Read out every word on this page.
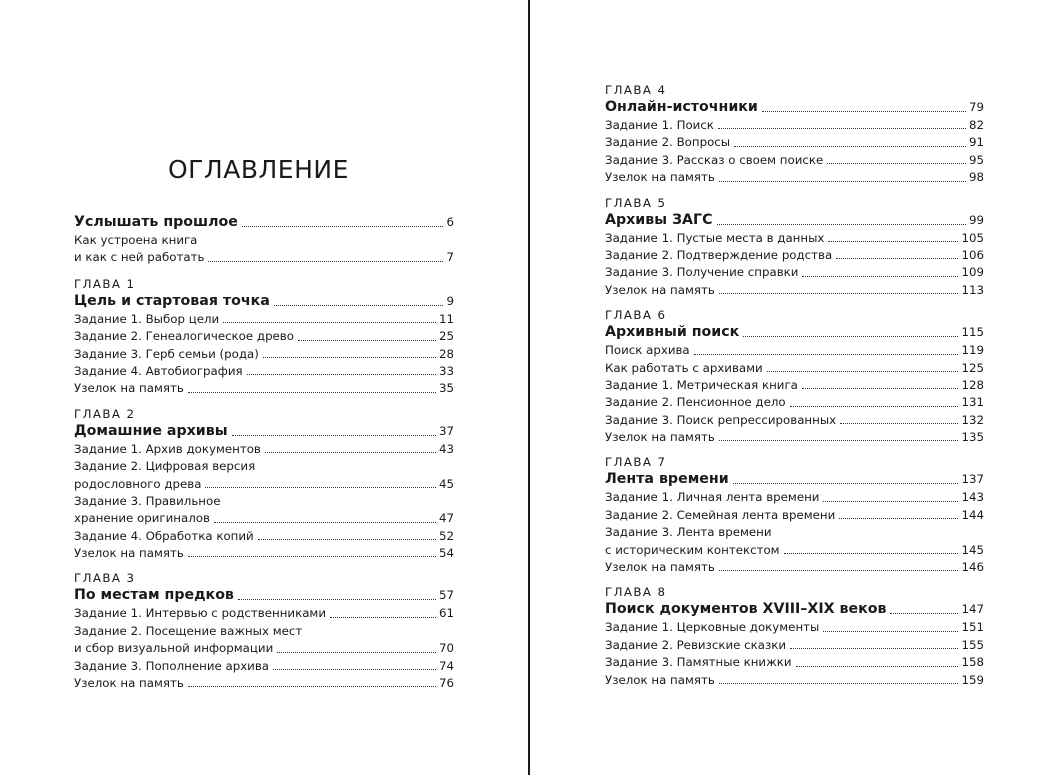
ОГЛАВЛЕНИЕ
Услышать прошлое	6
Как устроена книга
и как с ней работать	7
ГЛАВА 1
Цель и стартовая точка	9
Задание 1. Выбор цели	11
Задание 2. Генеалогическое древо	25
Задание 3. Герб семьи (рода)	28
Задание 4. Автобиография	33
Узелок на память	35
ГЛАВА 2
Домашние архивы	37
Задание 1. Архив документов	43
Задание 2. Цифровая версия
родословного древа	45
Задание 3. Правильное
хранение оригиналов	47
Задание 4. Обработка копий	52
Узелок на память	54
ГЛАВА 3
По местам предков	57
Задание 1. Интервью с родственниками	61
Задание 2. Посещение важных мест
и сбор визуальной информации	70
Задание 3. Пополнение архива	74
Узелок на память	76
ГЛАВА 4
Онлайн-источники	79
Задание 1. Поиск	82
Задание 2. Вопросы	91
Задание 3. Рассказ о своем поиске	95
Узелок на память	98
ГЛАВА 5
Архивы ЗАГС	99
Задание 1. Пустые места в данных	105
Задание 2. Подтверждение родства	106
Задание 3. Получение справки	109
Узелок на память	113
ГЛАВА 6
Архивный поиск	115
Поиск архива	119
Как работать с архивами	125
Задание 1. Метрическая книга	128
Задание 2. Пенсионное дело	131
Задание 3. Поиск репрессированных	132
Узелок на память	135
ГЛАВА 7
Лента времени	137
Задание 1. Личная лента времени	143
Задание 2. Семейная лента времени	144
Задание 3. Лента времени
с историческим контекстом	145
Узелок на память	146
ГЛАВА 8
Поиск документов XVIII–XIX веков	147
Задание 1. Церковные документы	151
Задание 2. Ревизские сказки	155
Задание 3. Памятные книжки	158
Узелок на память	159
